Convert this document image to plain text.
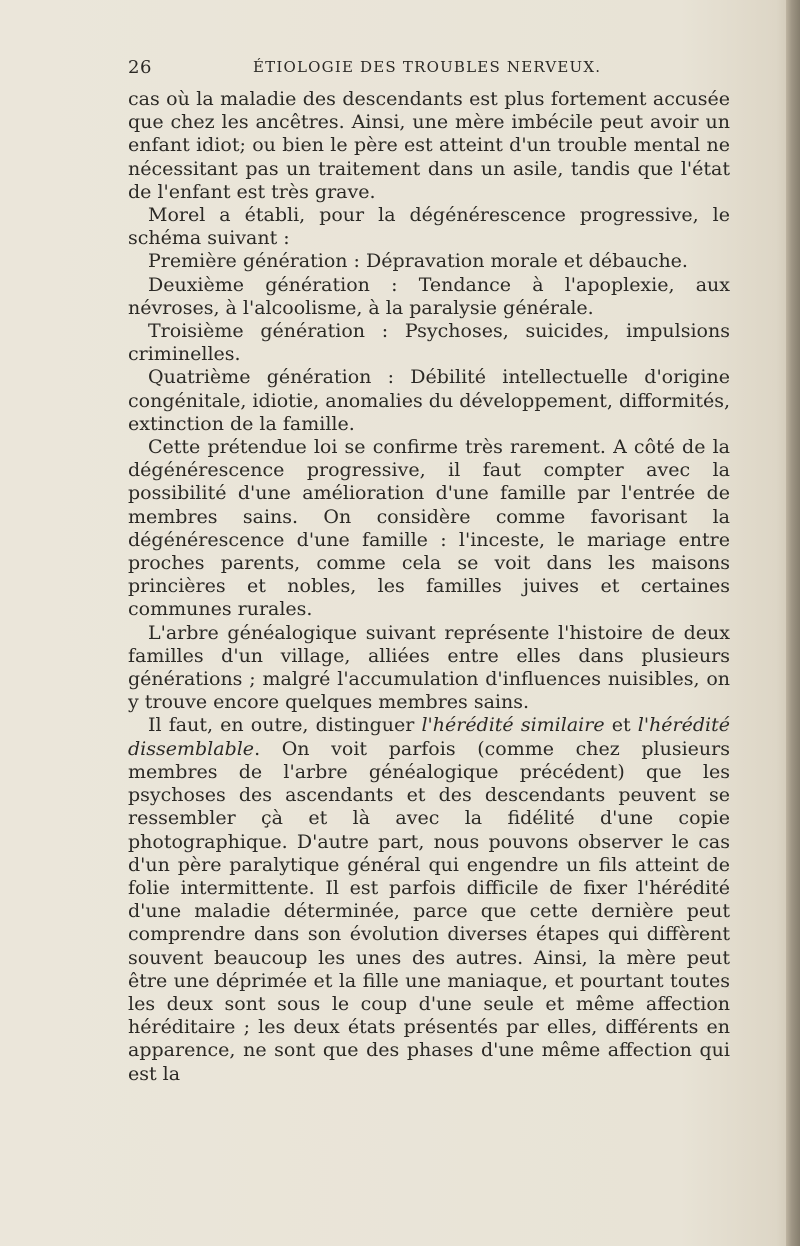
26	ÉTIOLOGIE DES TROUBLES NERVEUX.

cas où la maladie des descendants est plus fortement accusée que chez les ancêtres. Ainsi, une mère imbécile peut avoir un enfant idiot; ou bien le père est atteint d'un trouble mental ne nécessitant pas un traitement dans un asile, tandis que l'état de l'enfant est très grave.

Morel a établi, pour la dégénérescence progressive, le schéma suivant :

Première génération : Dépravation morale et débauche.

Deuxième génération : Tendance à l'apoplexie, aux névroses, à l'alcoolisme, à la paralysie générale.

Troisième génération : Psychoses, suicides, impulsions criminelles.

Quatrième génération : Débilité intellectuelle d'origine congénitale, idiotie, anomalies du développement, difformités, extinction de la famille.

Cette prétendue loi se confirme très rarement. A côté de la dégénérescence progressive, il faut compter avec la possibilité d'une amélioration d'une famille par l'entrée de membres sains. On considère comme favorisant la dégénérescence d'une famille : l'inceste, le mariage entre proches parents, comme cela se voit dans les maisons princières et nobles, les familles juives et certaines communes rurales.

L'arbre généalogique suivant représente l'histoire de deux familles d'un village, alliées entre elles dans plusieurs générations ; malgré l'accumulation d'influences nuisibles, on y trouve encore quelques membres sains.

Il faut, en outre, distinguer l'hérédité similaire et l'hérédité dissemblable. On voit parfois (comme chez plusieurs membres de l'arbre généalogique précédent) que les psychoses des ascendants et des descendants peuvent se ressembler çà et là avec la fidélité d'une copie photographique. D'autre part, nous pouvons observer le cas d'un père paralytique général qui engendre un fils atteint de folie intermittente. Il est parfois difficile de fixer l'hérédité d'une maladie déterminée, parce que cette dernière peut comprendre dans son évolution diverses étapes qui diffèrent souvent beaucoup les unes des autres. Ainsi, la mère peut être une déprimée et la fille une maniaque, et pourtant toutes les deux sont sous le coup d'une seule et même affection héréditaire ; les deux états présentés par elles, différents en apparence, ne sont que des phases d'une même affection qui est la
